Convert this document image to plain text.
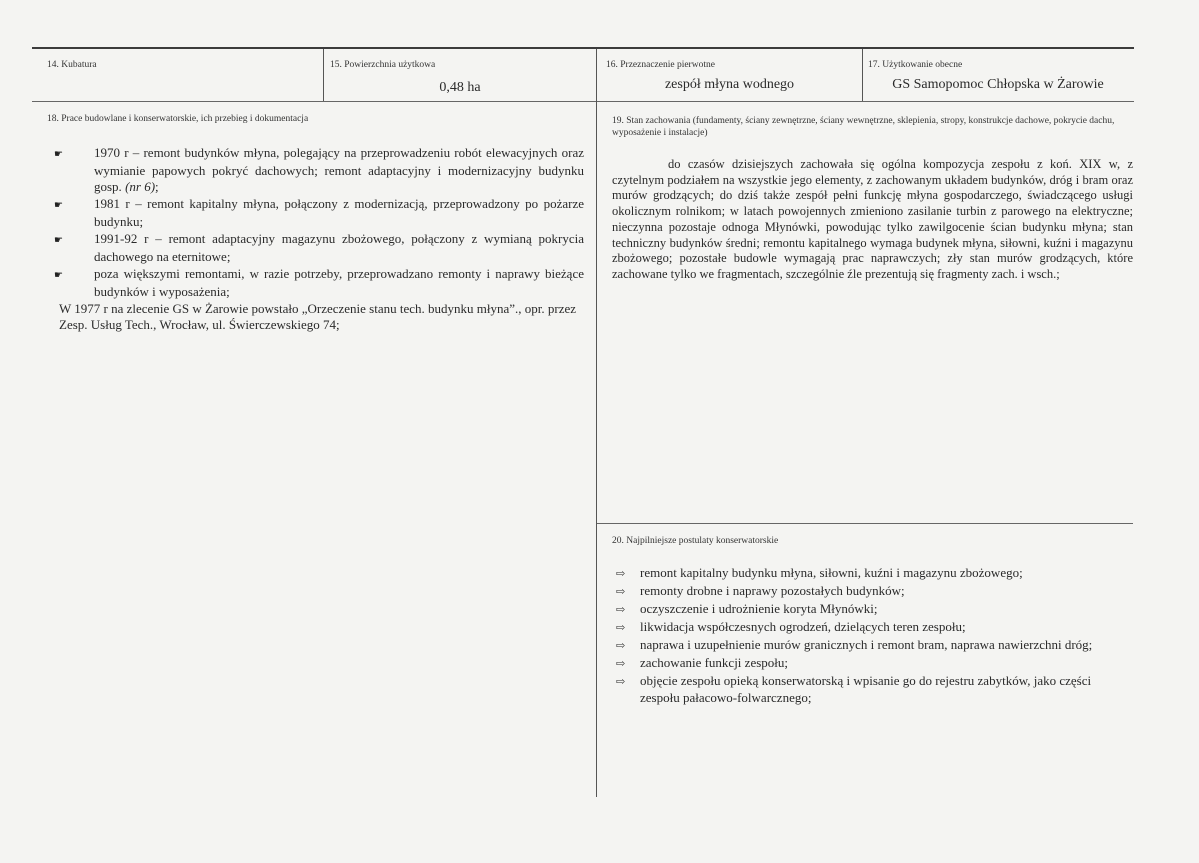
14. Kubatura	15. Powierzchnia użytkowa
0,48 ha
16. Przeznaczenie pierwotne
zespół młyna wodnego
17. Użytkowanie obecne
GS Samopomoc Chłopska w Żarowie
18. Prace budowlane i konserwatorskie, ich przebieg i dokumentacja
☛ 1970 r – remont budynków młyna, polegający na przeprowadzeniu robót elewacyjnych oraz wymianie papowych pokryć dachowych; remont adaptacyjny i modernizacyjny budynku gosp. (nr 6);
☛ 1981 r – remont kapitalny młyna, połączony z modernizacją, przeprowadzony po pożarze budynku;
☛ 1991-92 r – remont adaptacyjny magazynu zbożowego, połączony z wymianą pokrycia dachowego na eternitowe;
☛ poza większymi remontami, w razie potrzeby, przeprowadzano remonty i naprawy bieżące budynków i wyposażenia;
W 1977 r na zlecenie GS w Żarowie powstało „Orzeczenie stanu tech. budynku młyna”., opr. przez Zesp. Usług Tech., Wrocław, ul. Świerczewskiego 74;
19. Stan zachowania (fundamenty, ściany zewnętrzne, ściany wewnętrzne, sklepienia, stropy, konstrukcje dachowe, pokrycie dachu, wyposażenie i instalacje)
do czasów dzisiejszych zachowała się ogólna kompozycja zespołu z koń. XIX w, z czytelnym podziałem na wszystkie jego elementy, z zachowanym układem budynków, dróg i bram oraz murów grodzących; do dziś także zespół pełni funkcję młyna gospodarczego, świadczącego usługi okolicznym rolnikom; w latach powojennych zmieniono zasilanie turbin z parowego na elektryczne; nieczynna pozostaje odnoga Młynówki, powodując tylko zawilgocenie ścian budynku młyna; stan techniczny budynków średni; remontu kapitalnego wymaga budynek młyna, siłowni, kuźni i magazynu zbożowego; pozostałe budowle wymagają prac naprawczych; zły stan murów grodzących, które zachowane tylko we fragmentach, szczególnie źle prezentują się fragmenty zach. i wsch.;
20. Najpilniejsze postulaty konserwatorskie
⇨ remont kapitalny budynku młyna, siłowni, kuźni i magazynu zbożowego;
⇨ remonty drobne i naprawy pozostałych budynków;
⇨ oczyszczenie i udrożnienie koryta Młynówki;
⇨ likwidacja współczesnych ogrodzeń, dzielących teren zespołu;
⇨ naprawa i uzupełnienie murów granicznych i remont bram, naprawa nawierzchni dróg;
⇨ zachowanie funkcji zespołu;
⇨ objęcie zespołu opieką konserwatorską i wpisanie go do rejestru zabytków, jako części zespołu pałacowo-folwarcznego;
